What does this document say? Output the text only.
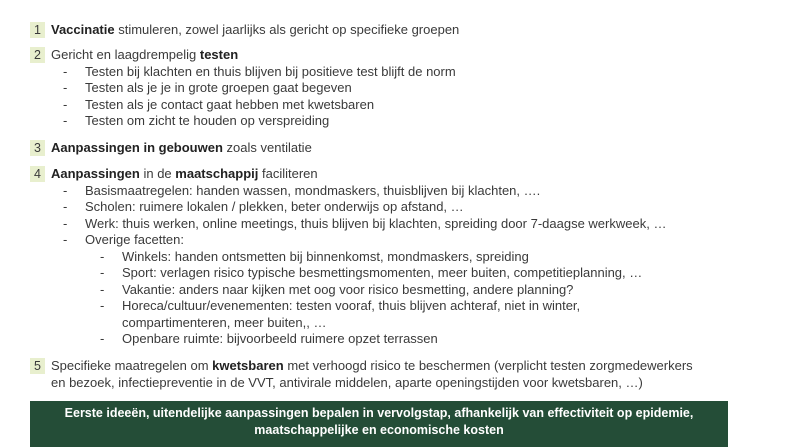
1 Vaccinatie stimuleren, zowel jaarlijks als gericht op specifieke groepen
2 Gericht en laagdrempelig testen
- Testen bij klachten en thuis blijven bij positieve test blijft de norm
- Testen als je je in grote groepen gaat begeven
- Testen als je contact gaat hebben met kwetsbaren
- Testen om zicht te houden op verspreiding
3 Aanpassingen in gebouwen zoals ventilatie
4 Aanpassingen in de maatschappij faciliteren
- Basismaatregelen: handen wassen, mondmaskers, thuisblijven bij klachten, ….
- Scholen: ruimere lokalen / plekken, beter onderwijs op afstand, …
- Werk: thuis werken, online meetings, thuis blijven bij klachten, spreiding door 7-daagse werkweek, …
- Overige facetten:
- Winkels: handen ontsmetten bij binnenkomst, mondmaskers, spreiding
- Sport: verlagen risico typische besmettingsmomenten, meer buiten, competitieplanning, …
- Vakantie: anders naar kijken met oog voor risico besmetting, andere planning?
- Horeca/cultuur/evenementen: testen vooraf, thuis blijven achteraf, niet in winter,
compartimenteren, meer buiten,, …
- Openbare ruimte: bijvoorbeeld ruimere opzet terrassen
5 Specifieke maatregelen om kwetsbaren met verhoogd risico te beschermen (verplicht testen zorgmedewerkers
en bezoek, infectiepreventie in de VVT, antivirale middelen, aparte openingstijden voor kwetsbaren, …)
Eerste ideeën, uitendelijke aanpassingen bepalen in vervolgstap, afhankelijk van effectiviteit op epidemie,
maatschappelijke en economische kosten
